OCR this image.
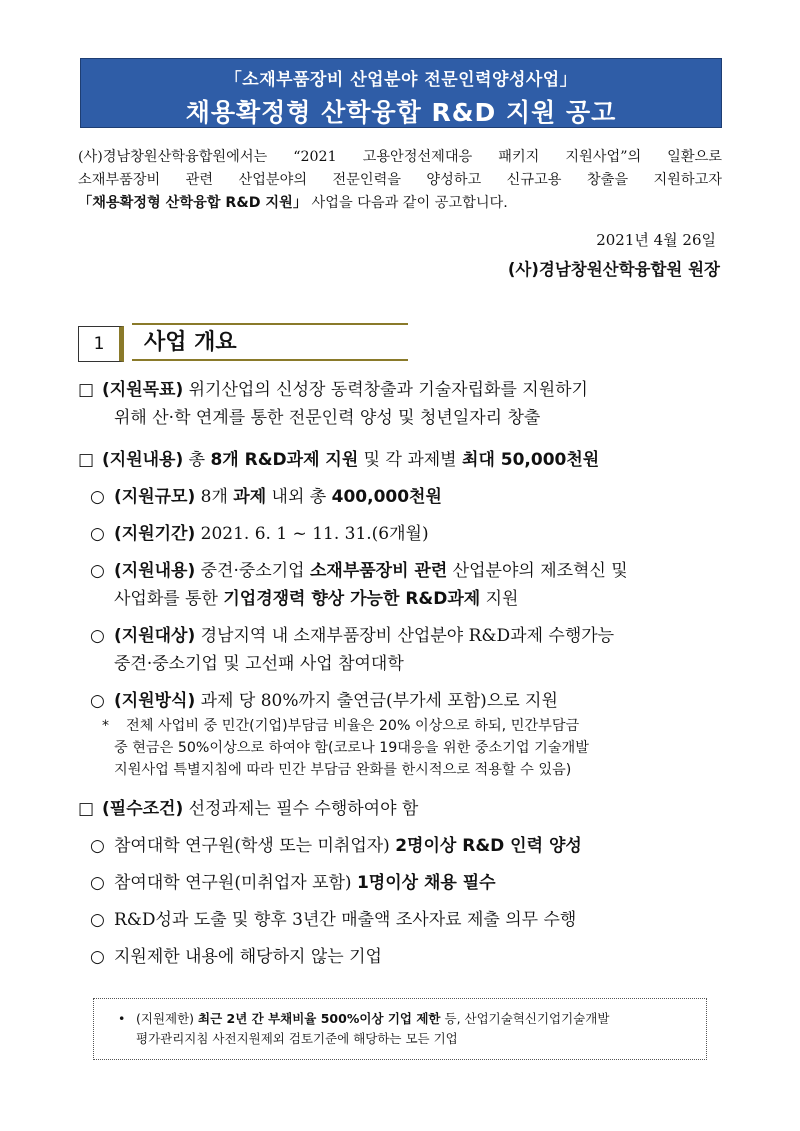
「소재부품장비 산업분야 전문인력양성사업」
채용확정형 산학융합 R&D 지원 공고
(사)경남창원산학융합원에서는 “2021 고용안정선제대응 패키지 지원사업”의 일환으로
소재부품장비 관련 산업분야의 전문인력을 양성하고 신규고용 창출을 지원하고자
「채용확정형 산학융합 R&D 지원」 사업을 다음과 같이 공고합니다.
2021년 4월 26일
(사)경남창원산학융합원 원장
1	사업 개요
□ (지원목표) 위기산업의 신성장 동력창출과 기술자립화를 지원하기
위해 산·학 연계를 통한 전문인력 양성 및 청년일자리 창출
□ (지원내용) 총 8개 R&D과제 지원 및 각 과제별 최대 50,000천원
○ (지원규모) 8개 과제 내외 총 400,000천원
○ (지원기간) 2021. 6. 1 ~ 11. 31.(6개월)
○ (지원내용) 중견·중소기업 소재부품장비 관련 산업분야의 제조혁신 및
사업화를 통한 기업경쟁력 향상 가능한 R&D과제 지원
○ (지원대상) 경남지역 내 소재부품장비 산업분야 R&D과제 수행가능
중견·중소기업 및 고선패 사업 참여대학
○ (지원방식) 과제 당 80%까지 출연금(부가세 포함)으로 지원
* 전체 사업비 중 민간(기업)부담금 비율은 20% 이상으로 하되, 민간부담금
중 현금은 50%이상으로 하여야 함(코로나 19대응을 위한 중소기업 기술개발
지원사업 특별지침에 따라 민간 부담금 완화를 한시적으로 적용할 수 있음)
□ (필수조건) 선정과제는 필수 수행하여야 함
○ 참여대학 연구원(학생 또는 미취업자) 2명이상 R&D 인력 양성
○ 참여대학 연구원(미취업자 포함) 1명이상 채용 필수
○ R&D성과 도출 및 향후 3년간 매출액 조사자료 제출 의무 수행
○ 지원제한 내용에 해당하지 않는 기업
• (지원제한) 최근 2년 간 부채비율 500%이상 기업 제한 등, 산업기술혁신기업기술개발
평가관리지침 사전지원제외 검토기준에 해당하는 모든 기업
